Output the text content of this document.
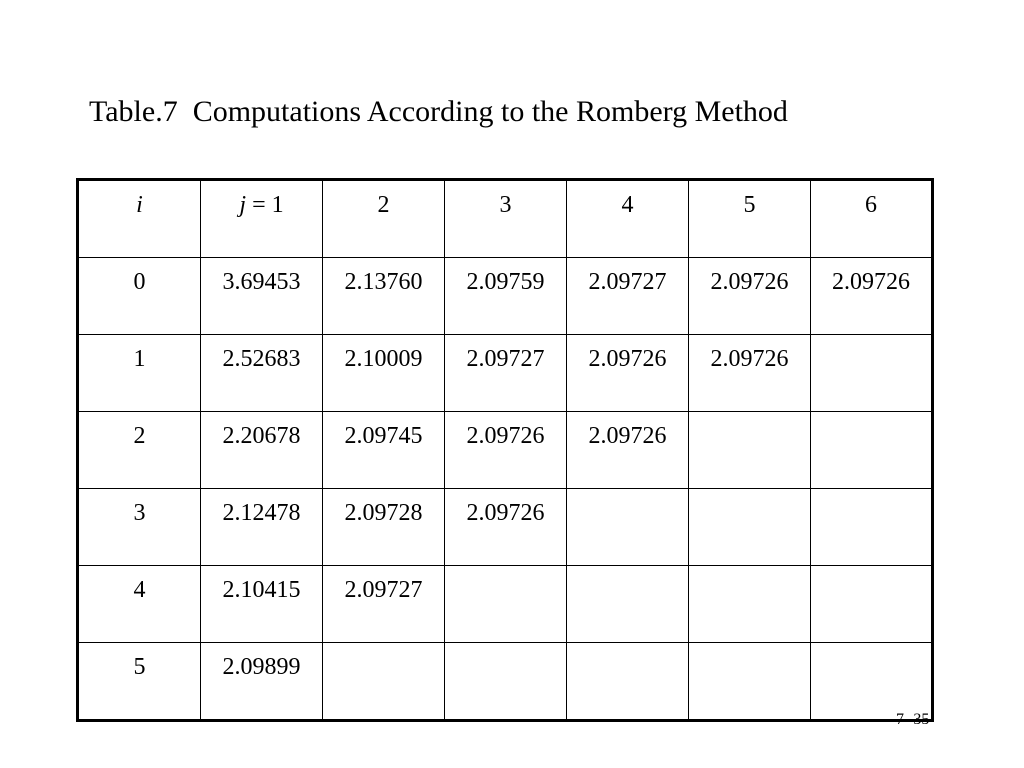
Table.7  Computations According to the Romberg Method
i	j = 1	2	3	4	5	6
0	3.69453	2.13760	2.09759	2.09727	2.09726	2.09726
1	2.52683	2.10009	2.09727	2.09726	2.09726	
2	2.20678	2.09745	2.09726	2.09726		
3	2.12478	2.09728	2.09726			
4	2.10415	2.09727				
5	2.09899					
7- 35
